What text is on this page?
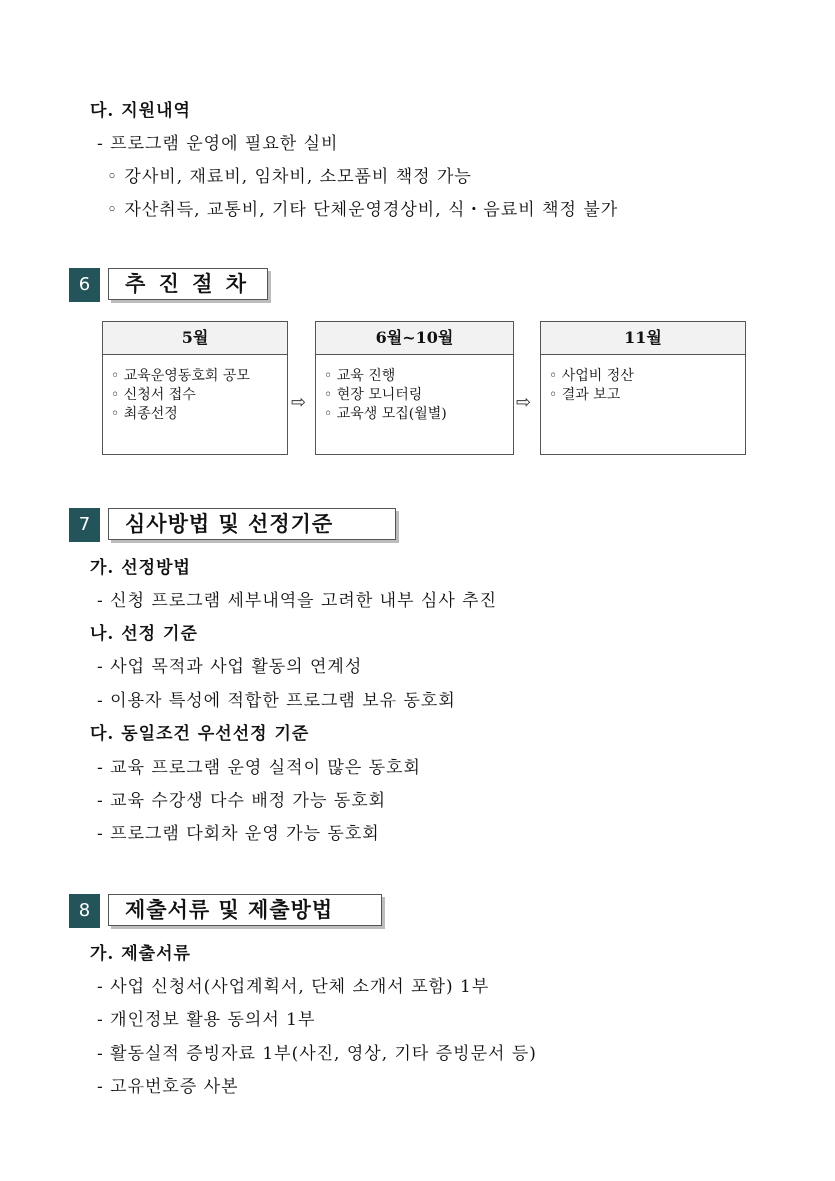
다. 지원내역
- 프로그램 운영에 필요한 실비
◦ 강사비, 재료비, 임차비, 소모품비 책정 가능
◦ 자산취득, 교통비, 기타 단체운영경상비, 식・음료비 책정 불가
6	추 진 절 차
5월
◦ 교육운영동호회 공모
◦ 신청서 접수
◦ 최종선정
⇨
6월~10월
◦ 교육 진행
◦ 현장 모니터링
◦ 교육생 모집(월별)
⇨
11월
◦ 사업비 정산
◦ 결과 보고
7	심사방법 및 선정기준
가. 선정방법
- 신청 프로그램 세부내역을 고려한 내부 심사 추진
나. 선정 기준
- 사업 목적과 사업 활동의 연계성
- 이용자 특성에 적합한 프로그램 보유 동호회
다. 동일조건 우선선정 기준
- 교육 프로그램 운영 실적이 많은 동호회
- 교육 수강생 다수 배정 가능 동호회
- 프로그램 다회차 운영 가능 동호회
8	제출서류 및 제출방법
가. 제출서류
- 사업 신청서(사업계획서, 단체 소개서 포함) 1부
- 개인정보 활용 동의서 1부
- 활동실적 증빙자료 1부(사진, 영상, 기타 증빙문서 등)
- 고유번호증 사본
